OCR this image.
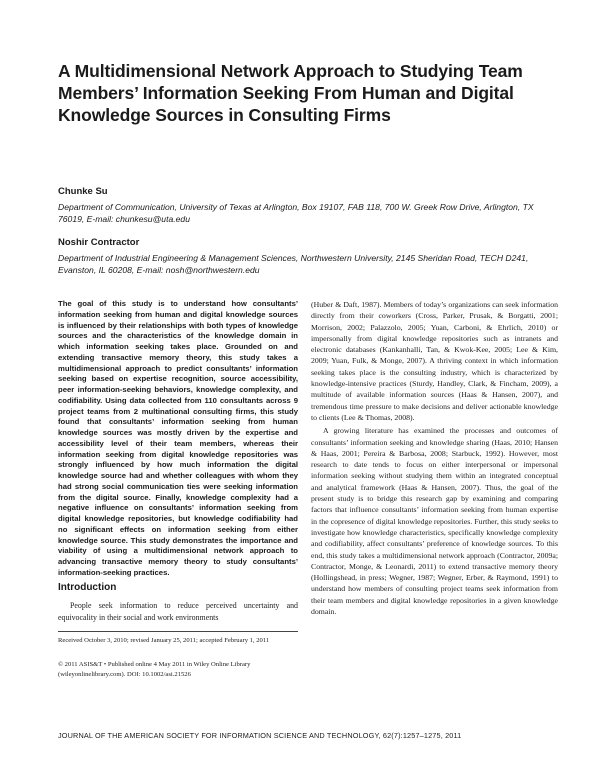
A Multidimensional Network Approach to Studying Team Members’ Information Seeking From Human and Digital Knowledge Sources in Consulting Firms
Chunke Su
Department of Communication, University of Texas at Arlington, Box 19107, FAB 118, 700 W. Greek Row Drive, Arlington, TX 76019, E-mail: chunkesu@uta.edu
Noshir Contractor
Department of Industrial Engineering & Management Sciences, Northwestern University, 2145 Sheridan Road, TECH D241, Evanston, IL 60208, E-mail: nosh@northwestern.edu
The goal of this study is to understand how consultants’ information seeking from human and digital knowledge sources is influenced by their relationships with both types of knowledge sources and the characteristics of the knowledge domain in which information seeking takes place. Grounded on and extending transactive memory theory, this study takes a multidimensional approach to predict consultants’ information seeking based on expertise recognition, source accessibility, peer information-seeking behaviors, knowledge complexity, and codifiability. Using data collected from 110 consultants across 9 project teams from 2 multinational consulting firms, this study found that consultants’ information seeking from human knowledge sources was mostly driven by the expertise and accessibility level of their team members, whereas their information seeking from digital knowledge repositories was strongly influenced by how much information the digital knowledge source had and whether colleagues with whom they had strong social communication ties were seeking information from the digital source. Finally, knowledge complexity had a negative influence on consultants’ information seeking from digital knowledge repositories, but knowledge codifiability had no significant effects on information seeking from either knowledge source. This study demonstrates the importance and viability of using a multidimensional network approach to advancing transactive memory theory to study consultants’ information-seeking practices.
Introduction

People seek information to reduce perceived uncertainty and equivocality in their social and work environments

Received October 3, 2010; revised January 25, 2011; accepted February 1, 2011
© 2011 ASIS&T • Published online 4 May 2011 in Wiley Online Library (wileyonlinelibrary.com). DOI: 10.1002/asi.21526

(Huber & Daft, 1987). Members of today’s organizations can seek information directly from their coworkers (Cross, Parker, Prusak, & Borgatti, 2001; Morrison, 2002; Palazzolo, 2005; Yuan, Carboni, & Ehrlich, 2010) or impersonally from digital knowledge repositories such as intranets and electronic databases (Kankanhalli, Tan, & Kwok-Kee, 2005; Lee & Kim, 2009; Yuan, Fulk, & Monge, 2007). A thriving context in which information seeking takes place is the consulting industry, which is characterized by knowledge-intensive practices (Sturdy, Handley, Clark, & Fincham, 2009), a multitude of available information sources (Haas & Hansen, 2007), and tremendous time pressure to make decisions and deliver actionable knowledge to clients (Lee & Thomas, 2008).

A growing literature has examined the processes and outcomes of consultants’ information seeking and knowledge sharing (Haas, 2010; Hansen & Haas, 2001; Pereira & Barbosa, 2008; Starbuck, 1992). However, most research to date tends to focus on either interpersonal or impersonal information seeking without studying them within an integrated conceptual and analytical framework (Haas & Hansen, 2007). Thus, the goal of the present study is to bridge this research gap by examining and comparing factors that influence consultants’ information seeking from human expertise in the copresence of digital knowledge repositories. Further, this study seeks to investigate how knowledge characteristics, specifically knowledge complexity and codifiability, affect consultants’ preference of knowledge sources. To this end, this study takes a multidimensional network approach (Contractor, 2009a; Contractor, Monge, & Leonardi, 2011) to extend transactive memory theory (Hollingshead, in press; Wegner, 1987; Wegner, Erber, & Raymond, 1991) to understand how members of consulting project teams seek information from their team members and digital knowledge repositories in a given knowledge domain.

JOURNAL OF THE AMERICAN SOCIETY FOR INFORMATION SCIENCE AND TECHNOLOGY, 62(7):1257–1275, 2011
